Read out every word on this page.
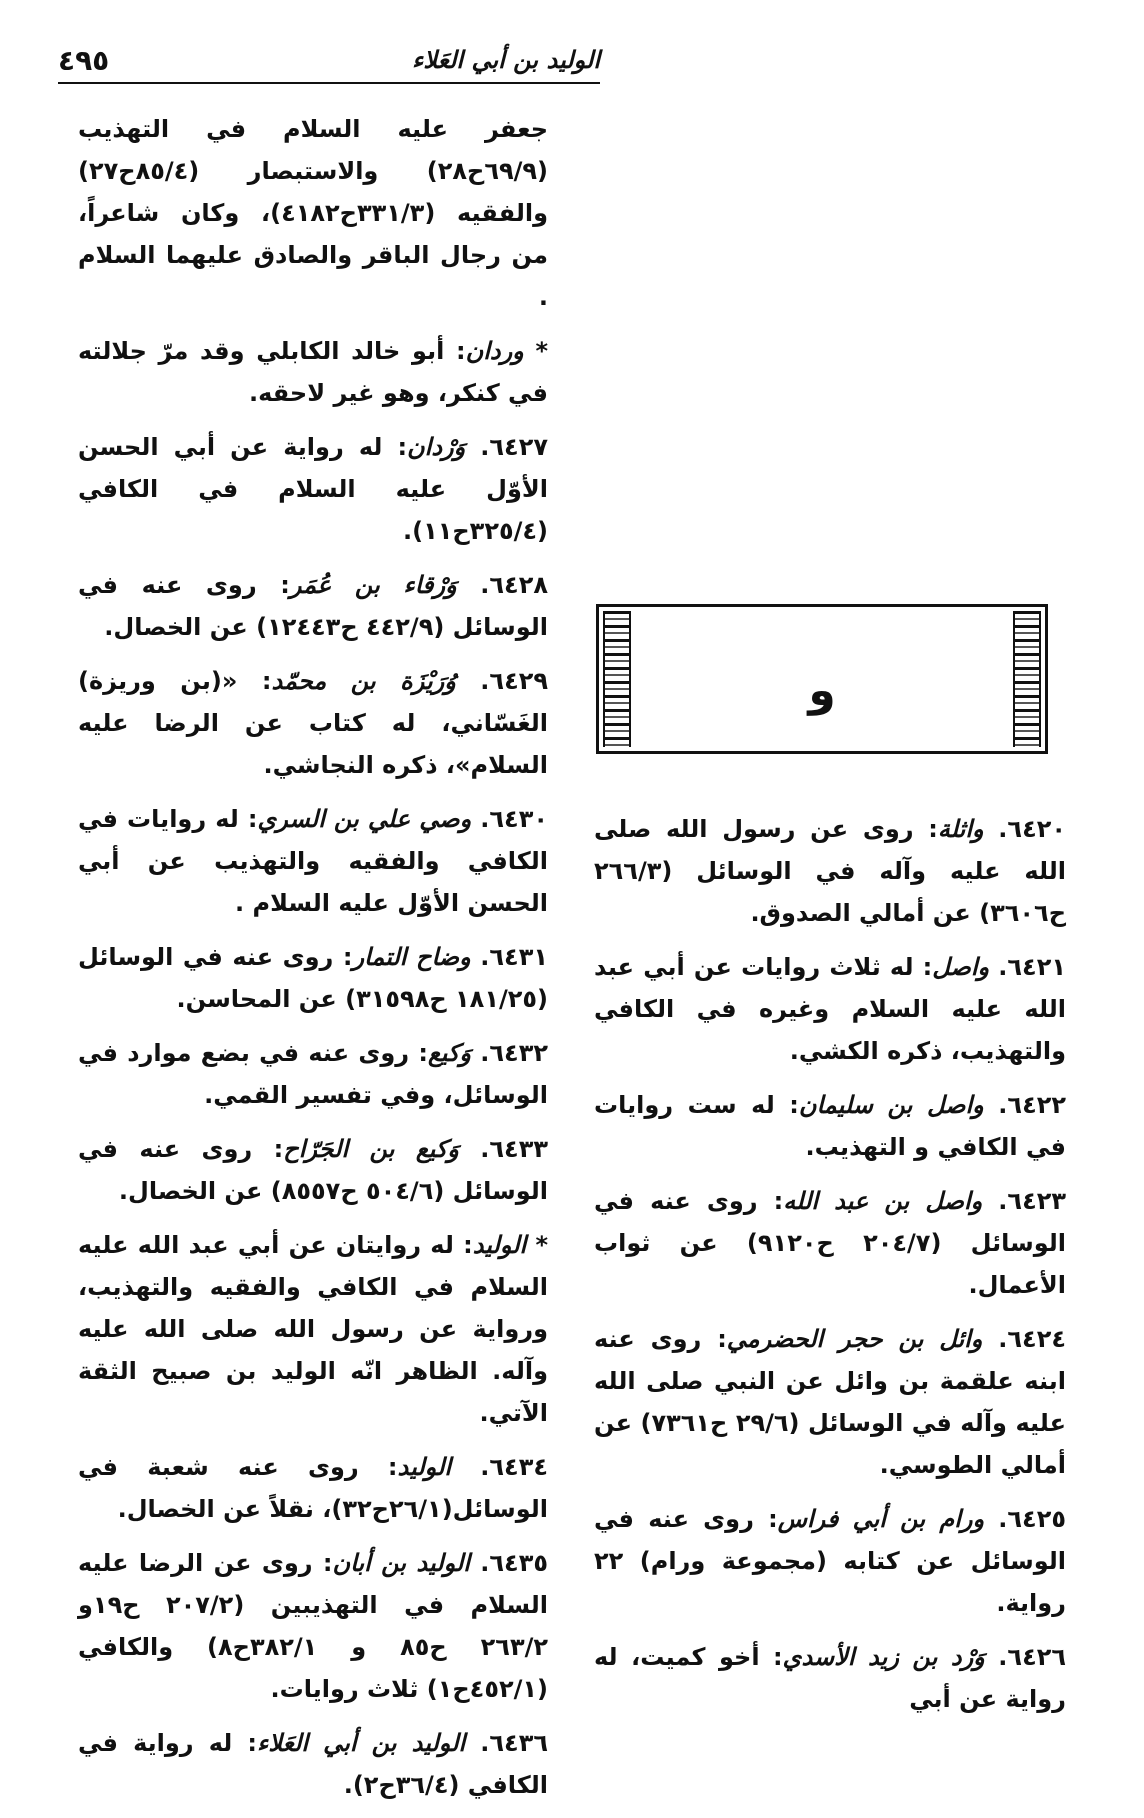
٤٩٥	الوليد بن أبي العَلاء

جعفر عليه السلام في التهذيب (٦٩/٩ح٢٨) والاستبصار (٨٥/٤ح٢٧) والفقيه (٣٣١/٣ح٤١٨٢)، وكان شاعراً، من رجال الباقر والصادق عليهما السلام .

* وردان: أبو خالد الكابلي وقد مرّ جلالته في كنكر، وهو غير لاحقه.

٦٤٢٧. وَرْدان: له رواية عن أبي الحسن الأوّل عليه السلام في الكافي (٣٢٥/٤ح١١).

٦٤٢٨. وَرْقاء بن عُمَر: روى عنه في الوسائل (٤٤٢/٩ ح١٢٤٤٣) عن الخصال.

٦٤٢٩. وُرَيْزَة بن محمّد: «(بن وريزة) الغَسّاني، له كتاب عن الرضا عليه السلام»، ذكره النجاشي.

٦٤٣٠. وصي علي بن السري: له روايات في الكافي والفقيه والتهذيب عن أبي الحسن الأوّل عليه السلام .

٦٤٣١. وضاح التمار: روى عنه في الوسائل (١٨١/٢٥ ح٣١٥٩٨) عن المحاسن.

٦٤٣٢. وَكيع: روى عنه في بضع موارد في الوسائل، وفي تفسير القمي.

٦٤٣٣. وَكيع بن الجَرّاح: روى عنه في الوسائل (٥٠٤/٦ ح٨٥٥٧) عن الخصال.

* الوليد: له روايتان عن أبي عبد الله عليه السلام في الكافي والفقيه والتهذيب، ورواية عن رسول الله صلى الله عليه وآله. الظاهر انّه الوليد بن صبيح الثقة الآتي.

٦٤٣٤. الوليد: روى عنه شعبة في الوسائل(٢٦/١ح٣٢)، نقلاً عن الخصال.

٦٤٣٥. الوليد بن أبان: روى عن الرضا عليه السلام في التهذيبين (٢٠٧/٢ ح١٩و ٢٦٣/٢ ح٨٥ و ٣٨٢/١ح٨) والكافي (٤٥٢/١ح١) ثلاث روايات.

٦٤٣٦. الوليد بن أبي العَلاء: له رواية في الكافي (٣٦/٤ح٢).

و

٦٤٢٠. واثلة: روى عن رسول الله صلى الله عليه وآله في الوسائل (٢٦٦/٣ ح٣٦٠٦) عن أمالي الصدوق.

٦٤٢١. واصل: له ثلاث روايات عن أبي عبد الله عليه السلام وغيره في الكافي والتهذيب، ذكره الكشي.

٦٤٢٢. واصل بن سليمان: له ست روايات في الكافي و التهذيب.

٦٤٢٣. واصل بن عبد الله: روى عنه في الوسائل (٢٠٤/٧ ح٩١٢٠) عن ثواب الأعمال.

٦٤٢٤. وائل بن حجر الحضرمي: روى عنه ابنه علقمة بن وائل عن النبي صلى الله عليه وآله في الوسائل (٢٩/٦ ح٧٣٦١) عن أمالي الطوسي.

٦٤٢٥. ورام بن أبي فراس: روى عنه في الوسائل عن كتابه (مجموعة ورام) ٢٢ رواية.

٦٤٢٦. وَرْد بن زيد الأسدي: أخو كميت، له رواية عن أبي
